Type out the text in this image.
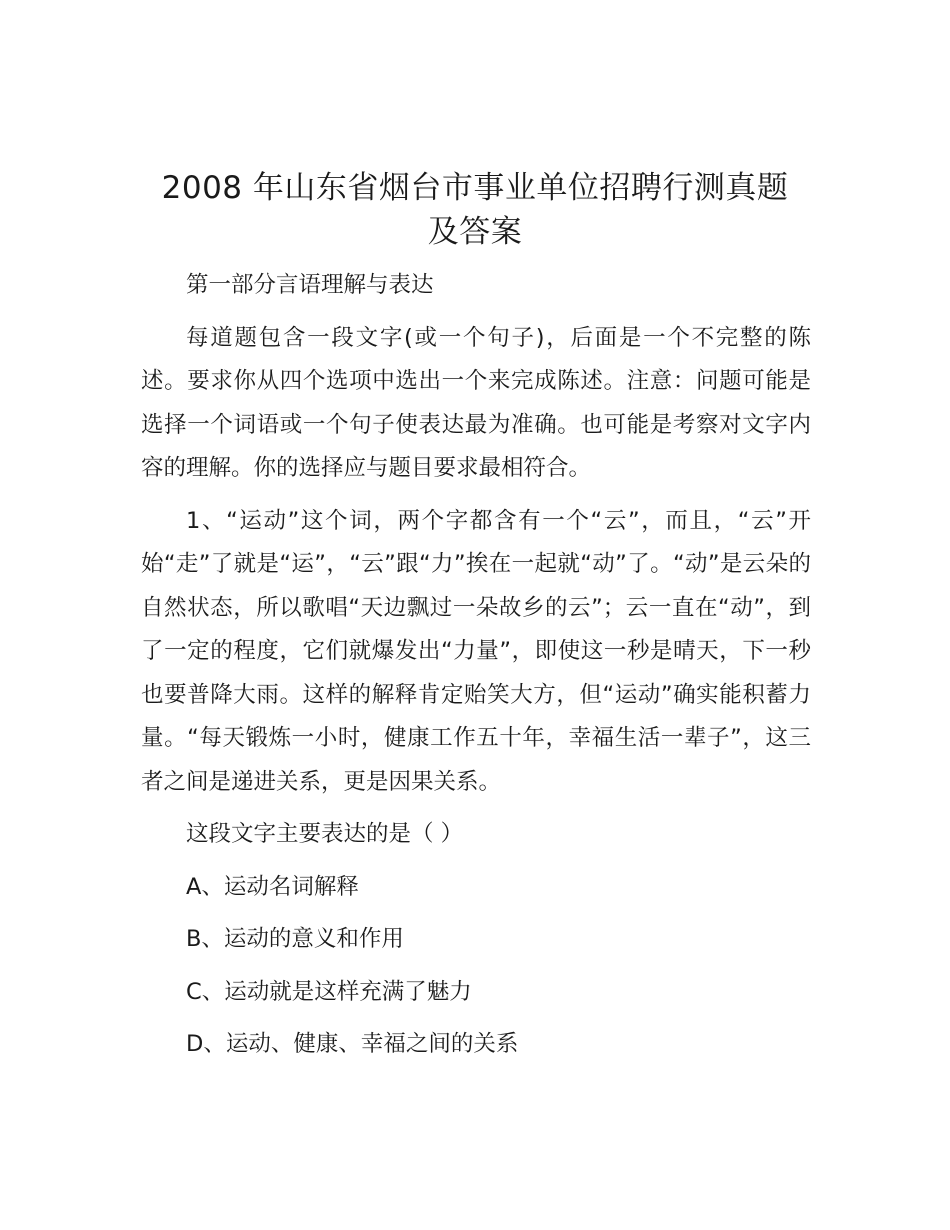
2008 年山东省烟台市事业单位招聘行测真题
及答案

第一部分言语理解与表达

每道题包含一段文字(或一个句子)，后面是一个不完整的陈述。要求你从四个选项中选出一个来完成陈述。注意：问题可能是选择一个词语或一个句子使表达最为准确。也可能是考察对文字内容的理解。你的选择应与题目要求最相符合。

1、“运动”这个词，两个字都含有一个“云”，而且，“云”开始“走”了就是“运”，“云”跟“力”挨在一起就“动”了。“动”是云朵的自然状态，所以歌唱“天边飘过一朵故乡的云”；云一直在“动”，到了一定的程度，它们就爆发出“力量”，即使这一秒是晴天，下一秒也要普降大雨。这样的解释肯定贻笑大方，但“运动”确实能积蓄力量。“每天锻炼一小时，健康工作五十年，幸福生活一辈子”，这三者之间是递进关系，更是因果关系。

这段文字主要表达的是（ ）

A、运动名词解释

B、运动的意义和作用

C、运动就是这样充满了魅力

D、运动、健康、幸福之间的关系
